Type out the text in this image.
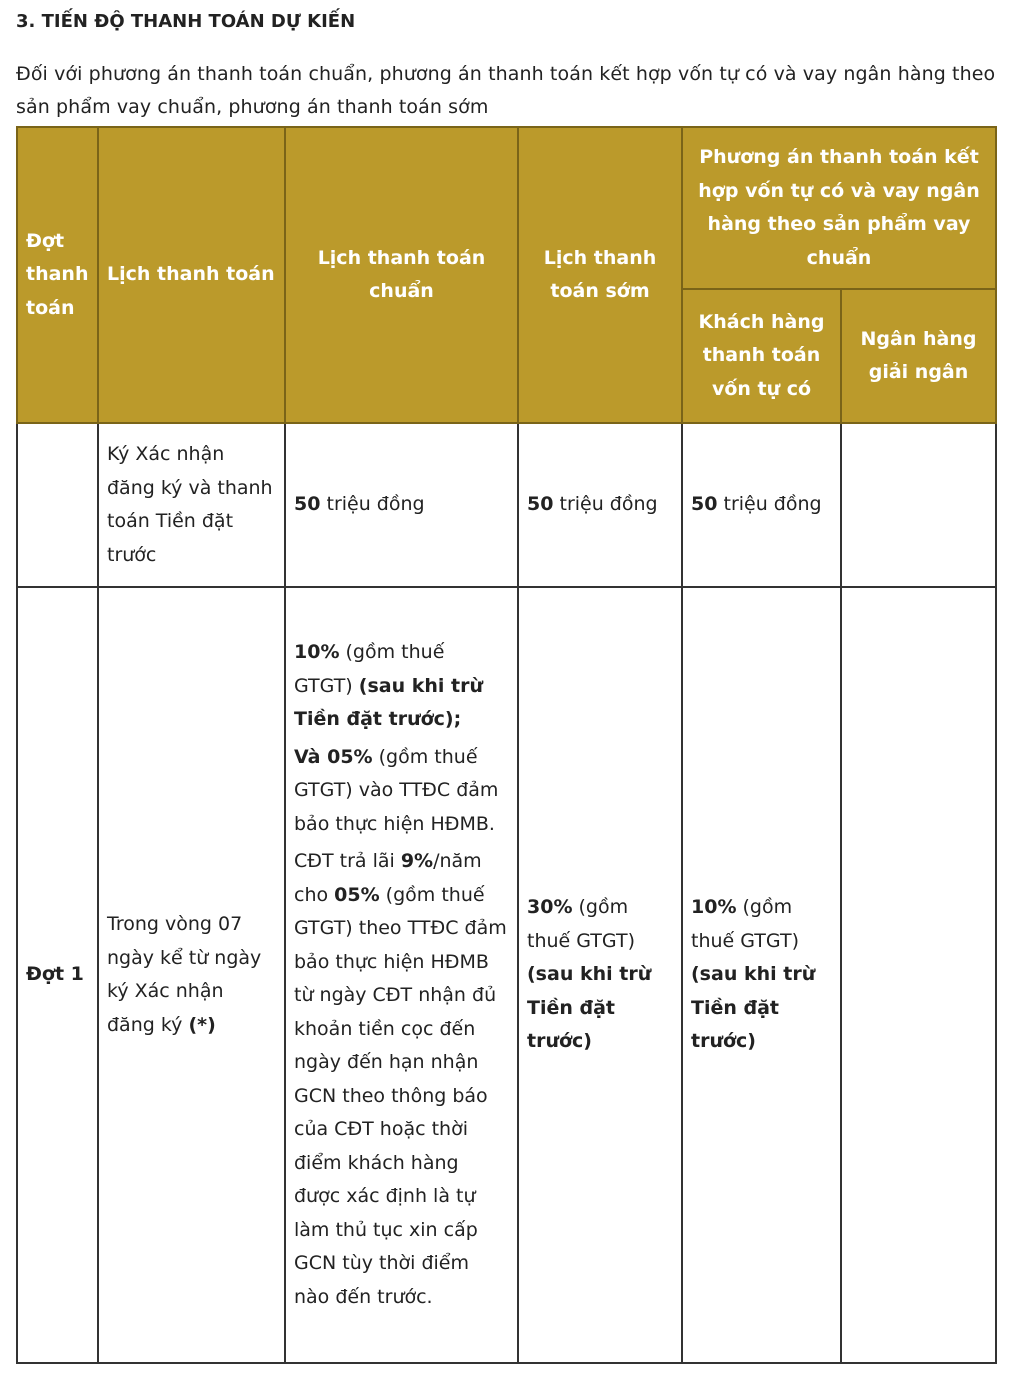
3. TIẾN ĐỘ THANH TOÁN DỰ KIẾN

Đối với phương án thanh toán chuẩn, phương án thanh toán kết hợp vốn tự có và vay ngân hàng theo sản phẩm vay chuẩn, phương án thanh toán sớm

Đợt thanh toán	Lịch thanh toán	Lịch thanh toán chuẩn	Lịch thanh toán sớm	Phương án thanh toán kết hợp vốn tự có và vay ngân hàng theo sản phẩm vay chuẩn	
				Khách hàng thanh toán vốn tự có	Ngân hàng giải ngân
	Ký Xác nhận đăng ký và thanh toán Tiền đặt trước	50 triệu đồng	50 triệu đồng	50 triệu đồng	
Đợt 1	Trong vòng 07 ngày kể từ ngày ký Xác nhận đăng ký (*)	10% (gồm thuế GTGT) (sau khi trừ Tiền đặt trước);

Và 05% (gồm thuế GTGT) vào TTĐC đảm bảo thực hiện HĐMB.

CĐT trả lãi 9%/năm cho 05% (gồm thuế GTGT) theo TTĐC đảm bảo thực hiện HĐMB từ ngày CĐT nhận đủ khoản tiền cọc đến ngày đến hạn nhận GCN theo thông báo của CĐT hoặc thời điểm khách hàng được xác định là tự làm thủ tục xin cấp GCN tùy thời điểm nào đến trước.	30% (gồm thuế GTGT) (sau khi trừ Tiền đặt trước)	10% (gồm thuế GTGT) (sau khi trừ Tiền đặt trước)	
